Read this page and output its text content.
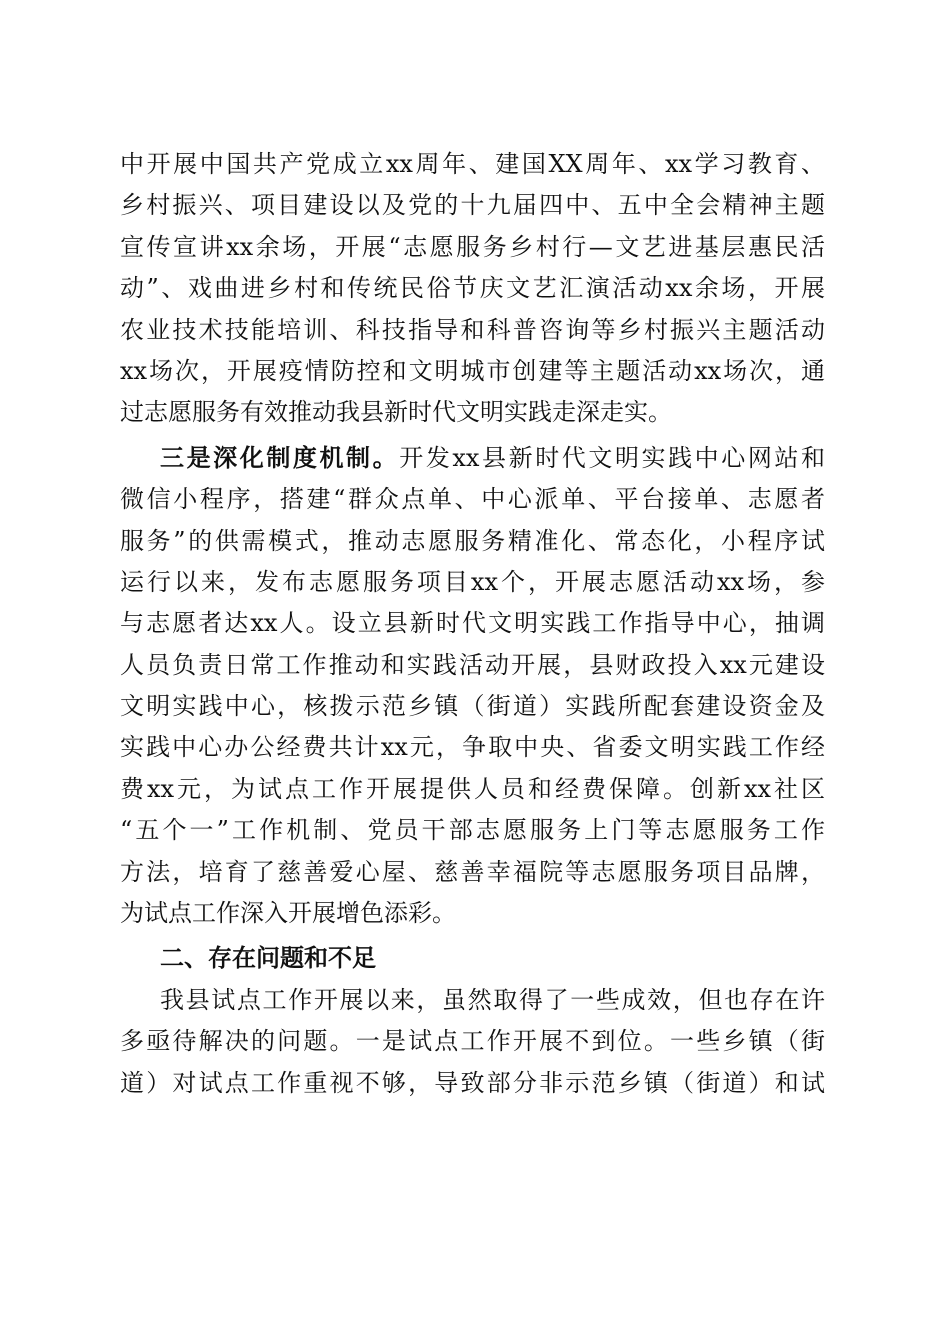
中开展中国共产党成立xx周年、建国XX周年、xx学习教育、
乡村振兴、项目建设以及党的十九届四中、五中全会精神主题
宣传宣讲xx余场，开展“志愿服务乡村行—文艺进基层惠民活
动”、戏曲进乡村和传统民俗节庆文艺汇演活动xx余场，开展
农业技术技能培训、科技指导和科普咨询等乡村振兴主题活动
xx场次，开展疫情防控和文明城市创建等主题活动xx场次，通
过志愿服务有效推动我县新时代文明实践走深走实。
三是深化制度机制。开发xx县新时代文明实践中心网站和
微信小程序，搭建“群众点单、中心派单、平台接单、志愿者
服务”的供需模式，推动志愿服务精准化、常态化，小程序试
运行以来，发布志愿服务项目xx个，开展志愿活动xx场，参
与志愿者达xx人。设立县新时代文明实践工作指导中心，抽调
人员负责日常工作推动和实践活动开展，县财政投入xx元建设
文明实践中心，核拨示范乡镇（街道）实践所配套建设资金及
实践中心办公经费共计xx元，争取中央、省委文明实践工作经
费xx元，为试点工作开展提供人员和经费保障。创新xx社区
“五个一”工作机制、党员干部志愿服务上门等志愿服务工作
方法，培育了慈善爱心屋、慈善幸福院等志愿服务项目品牌，
为试点工作深入开展增色添彩。
二、存在问题和不足
我县试点工作开展以来，虽然取得了一些成效，但也存在许
多亟待解决的问题。一是试点工作开展不到位。一些乡镇（街
道）对试点工作重视不够，导致部分非示范乡镇（街道）和试
